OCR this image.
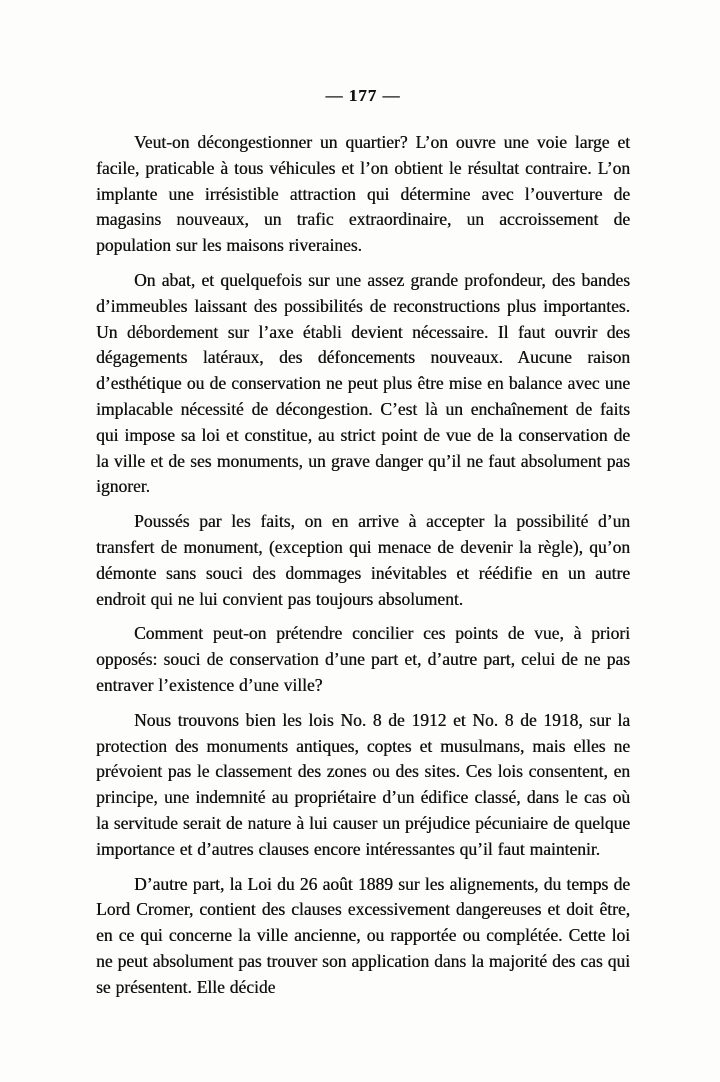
— 177 —

Veut-on décongestionner un quartier? L’on ouvre une voie large et facile, praticable à tous véhicules et l’on obtient le résultat contraire. L’on implante une irrésistible attraction qui détermine avec l’ouverture de magasins nouveaux, un trafic extraordinaire, un accroissement de population sur les maisons riveraines.

On abat, et quelquefois sur une assez grande profondeur, des bandes d’immeubles laissant des possibilités de reconstructions plus importantes. Un débordement sur l’axe établi devient nécessaire. Il faut ouvrir des dégagements latéraux, des défoncements nouveaux. Aucune raison d’esthétique ou de conservation ne peut plus être mise en balance avec une implacable nécessité de décongestion. C’est là un enchaînement de faits qui impose sa loi et constitue, au strict point de vue de la conservation de la ville et de ses monuments, un grave danger qu’il ne faut absolument pas ignorer.

Poussés par les faits, on en arrive à accepter la possibilité d’un transfert de monument, (exception qui menace de devenir la règle), qu’on démonte sans souci des dommages inévitables et réédifie en un autre endroit qui ne lui convient pas toujours absolument.

Comment peut-on prétendre concilier ces points de vue, à priori opposés: souci de conservation d’une part et, d’autre part, celui de ne pas entraver l’existence d’une ville?

Nous trouvons bien les lois No. 8 de 1912 et No. 8 de 1918, sur la protection des monuments antiques, coptes et musulmans, mais elles ne prévoient pas le classement des zones ou des sites. Ces lois consentent, en principe, une indemnité au propriétaire d’un édifice classé, dans le cas où la servitude serait de nature à lui causer un préjudice pécuniaire de quelque importance et d’autres clauses encore intéressantes qu’il faut maintenir.

D’autre part, la Loi du 26 août 1889 sur les alignements, du temps de Lord Cromer, contient des clauses excessivement dangereuses et doit être, en ce qui concerne la ville ancienne, ou rapportée ou complétée. Cette loi ne peut absolument pas trouver son application dans la majorité des cas qui se présentent. Elle décide
